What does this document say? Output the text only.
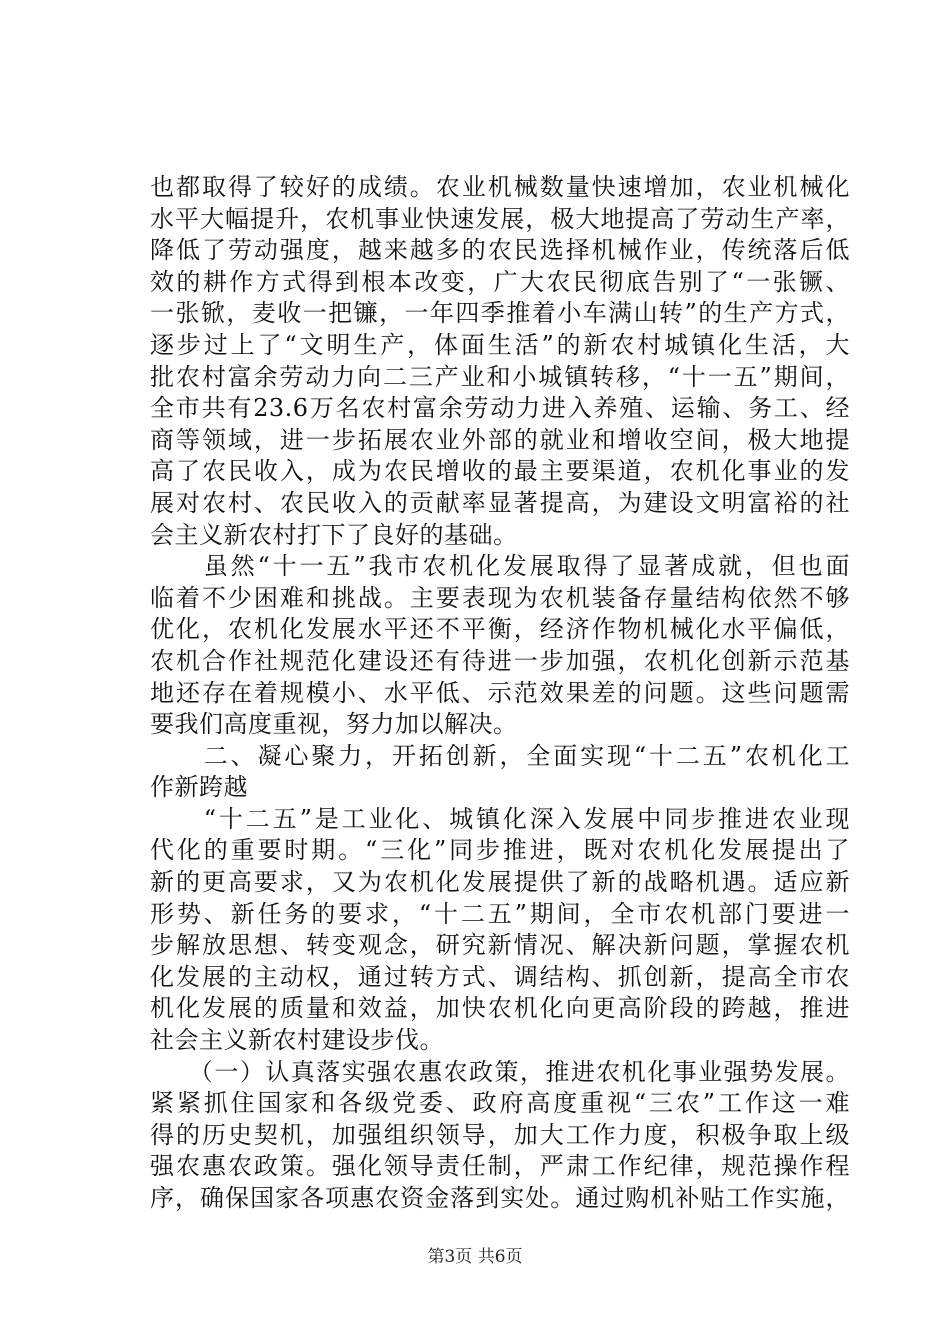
也都取得了较好的成绩。农业机械数量快速增加，农业机械化
水平大幅提升，农机事业快速发展，极大地提高了劳动生产率，
降低了劳动强度，越来越多的农民选择机械作业，传统落后低
效的耕作方式得到根本改变，广大农民彻底告别了“一张镢、
一张锨，麦收一把镰，一年四季推着小车满山转”的生产方式，
逐步过上了“文明生产，体面生活”的新农村城镇化生活，大
批农村富余劳动力向二三产业和小城镇转移，“十一五”期间，
全市共有23.6万名农村富余劳动力进入养殖、运输、务工、经
商等领域，进一步拓展农业外部的就业和增收空间，极大地提
高了农民收入，成为农民增收的最主要渠道，农机化事业的发
展对农村、农民收入的贡献率显著提高，为建设文明富裕的社
会主义新农村打下了良好的基础。
　　虽然“十一五”我市农机化发展取得了显著成就，但也面
临着不少困难和挑战。主要表现为农机装备存量结构依然不够
优化，农机化发展水平还不平衡，经济作物机械化水平偏低，
农机合作社规范化建设还有待进一步加强，农机化创新示范基
地还存在着规模小、水平低、示范效果差的问题。这些问题需
要我们高度重视，努力加以解决。
　　二、凝心聚力，开拓创新，全面实现“十二五”农机化工
作新跨越
　　“十二五”是工业化、城镇化深入发展中同步推进农业现
代化的重要时期。“三化”同步推进，既对农机化发展提出了
新的更高要求，又为农机化发展提供了新的战略机遇。适应新
形势、新任务的要求，“十二五”期间，全市农机部门要进一
步解放思想、转变观念，研究新情况、解决新问题，掌握农机
化发展的主动权，通过转方式、调结构、抓创新，提高全市农
机化发展的质量和效益，加快农机化向更高阶段的跨越，推进
社会主义新农村建设步伐。
　　（一）认真落实强农惠农政策，推进农机化事业强势发展。
紧紧抓住国家和各级党委、政府高度重视“三农”工作这一难
得的历史契机，加强组织领导，加大工作力度，积极争取上级
强农惠农政策。强化领导责任制，严肃工作纪律，规范操作程
序，确保国家各项惠农资金落到实处。通过购机补贴工作实施，
第3页 共6页
